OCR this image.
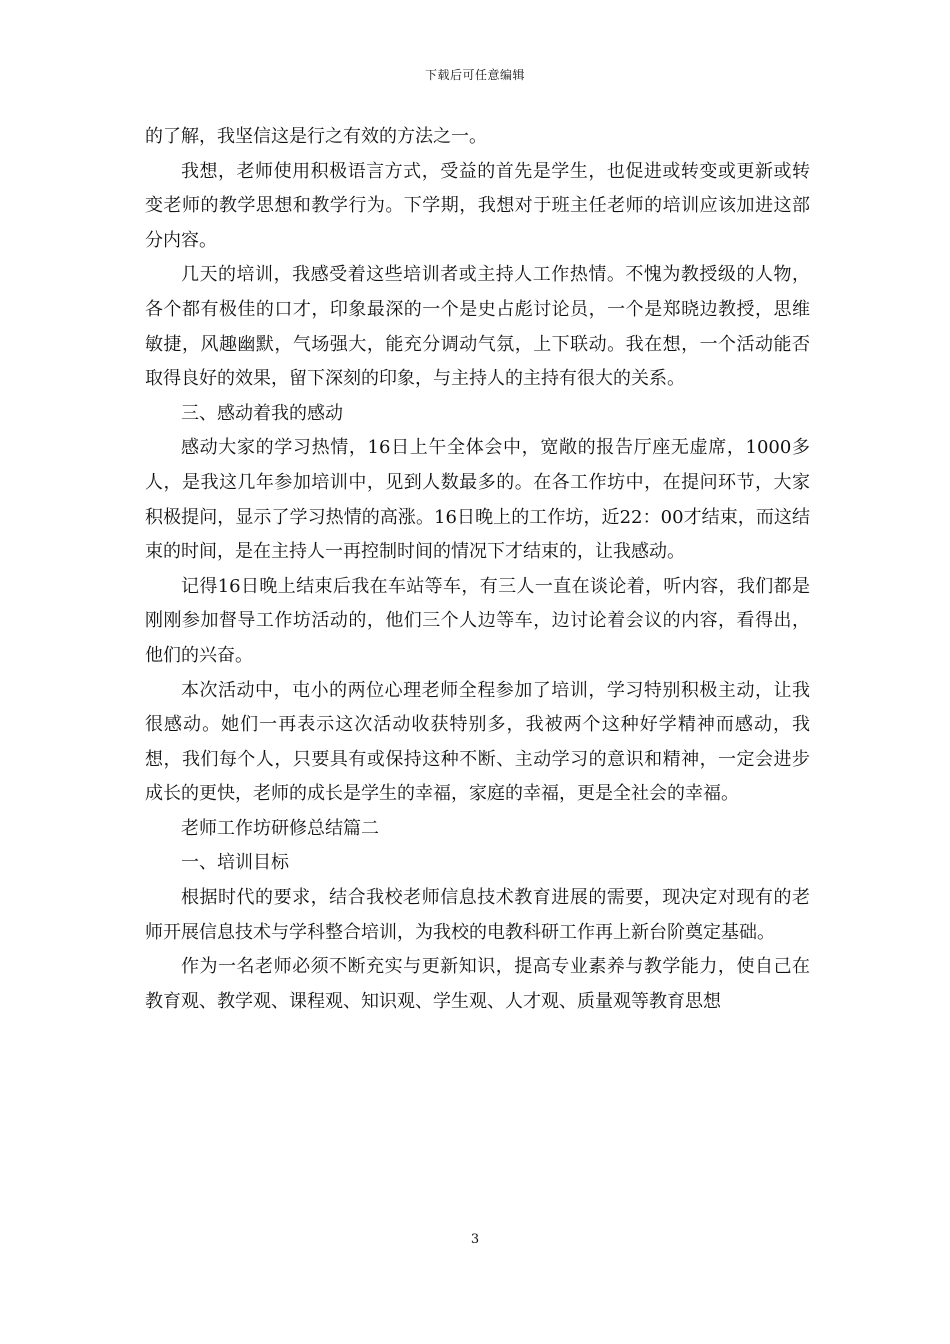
下载后可任意编辑

的了解，我坚信这是行之有效的方法之一。

我想，老师使用积极语言方式，受益的首先是学生，也促进或转变或更新或转变老师的教学思想和教学行为。下学期，我想对于班主任老师的培训应该加进这部分内容。

几天的培训，我感受着这些培训者或主持人工作热情。不愧为教授级的人物，各个都有极佳的口才，印象最深的一个是史占彪讨论员，一个是郑晓边教授，思维敏捷，风趣幽默，气场强大，能充分调动气氛，上下联动。我在想，一个活动能否取得良好的效果，留下深刻的印象，与主持人的主持有很大的关系。

三、感动着我的感动

感动大家的学习热情，16日上午全体会中，宽敞的报告厅座无虚席，1000多人，是我这几年参加培训中，见到人数最多的。在各工作坊中，在提问环节，大家积极提问，显示了学习热情的高涨。16日晚上的工作坊，近22：00才结束，而这结束的时间，是在主持人一再控制时间的情况下才结束的，让我感动。

记得16日晚上结束后我在车站等车，有三人一直在谈论着，听内容，我们都是刚刚参加督导工作坊活动的，他们三个人边等车，边讨论着会议的内容，看得出，他们的兴奋。

本次活动中，屯小的两位心理老师全程参加了培训，学习特别积极主动，让我很感动。她们一再表示这次活动收获特别多，我被两个这种好学精神而感动，我想，我们每个人，只要具有或保持这种不断、主动学习的意识和精神，一定会进步成长的更快，老师的成长是学生的幸福，家庭的幸福，更是全社会的幸福。

老师工作坊研修总结篇二

一、培训目标

根据时代的要求，结合我校老师信息技术教育进展的需要，现决定对现有的老师开展信息技术与学科整合培训，为我校的电教科研工作再上新台阶奠定基础。

作为一名老师必须不断充实与更新知识，提高专业素养与教学能力，使自己在教育观、教学观、课程观、知识观、学生观、人才观、质量观等教育思想

3
